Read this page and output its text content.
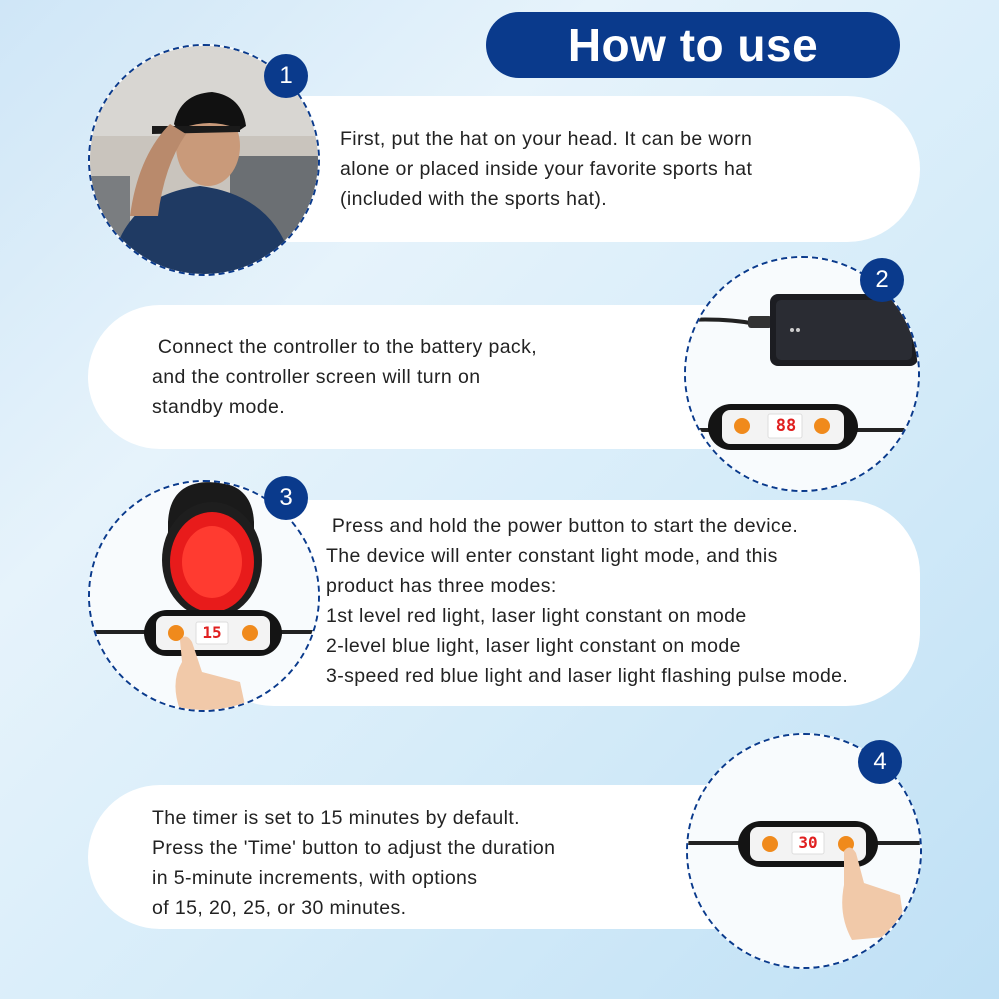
How to use
First, put the hat on your head. It can be worn
alone or placed inside your favorite sports hat
(included with the sports hat).
1
Connect the controller to the battery pack,
and the controller screen will turn on
standby mode.
88
2
Press and hold the power button to start the device.
The device will enter constant light mode, and this
product has three modes:
1st level red light, laser light constant on mode
2-level blue light, laser light constant on mode
3-speed red blue light and laser light flashing pulse mode.
15
3
The timer is set to 15 minutes by default.
Press the 'Time' button to adjust the duration
in 5-minute increments, with options
of 15, 20, 25, or 30 minutes.
30
4
